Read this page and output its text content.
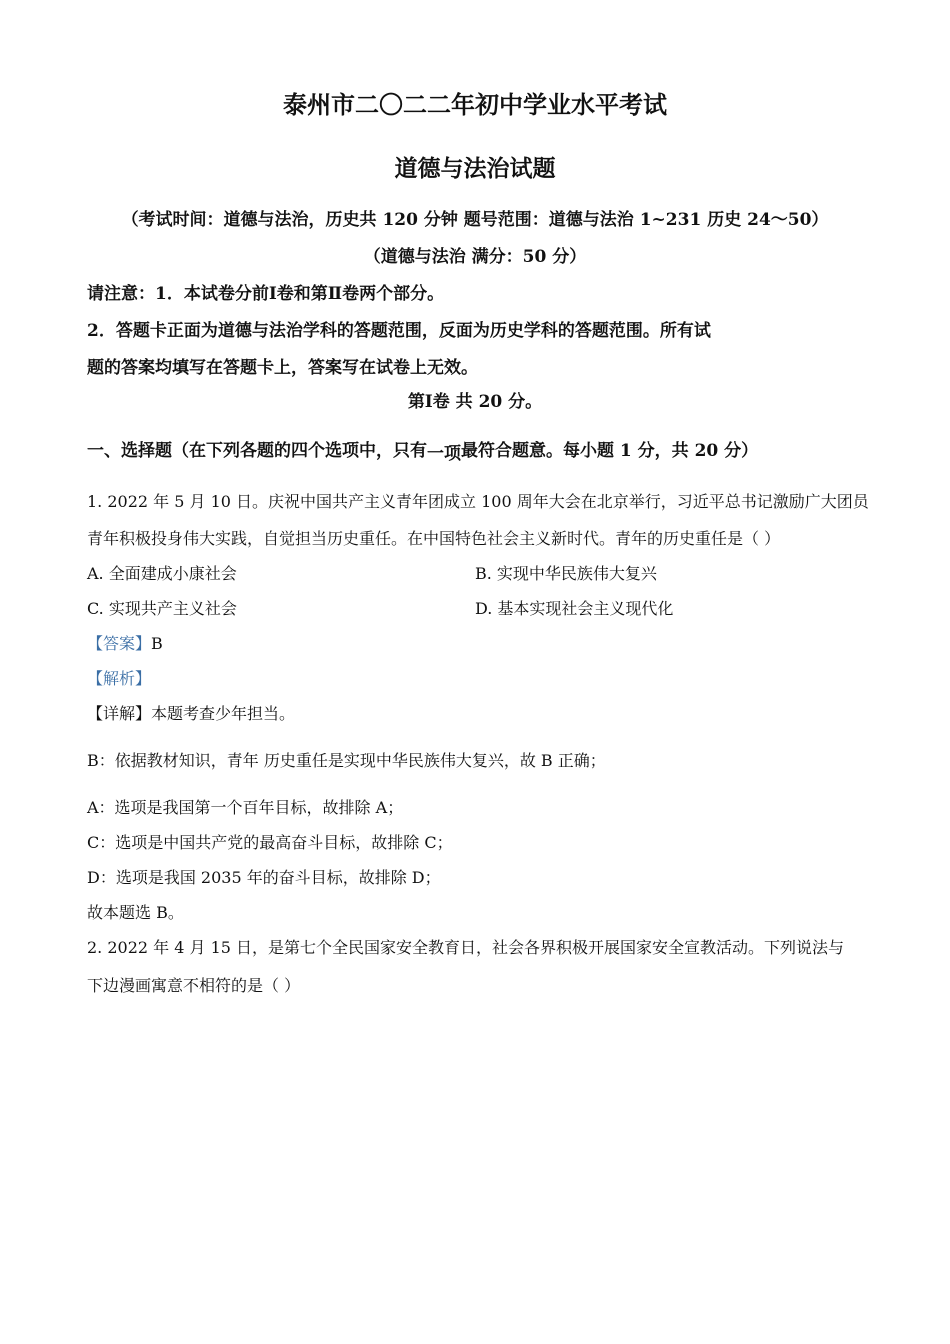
泰州市二〇二二年初中学业水平考试
道德与法治试题
（考试时间：道德与法治，历史共 120 分钟 题号范围：道德与法治 1~231 历史 24～50）
（道德与法治 满分：50 分）
请注意：1．本试卷分前Ⅰ卷和第Ⅱ卷两个部分。
2．答题卡正面为道德与法治学科的答题范围，反面为历史学科的答题范围。所有试
题的答案均填写在答题卡上，答案写在试卷上无效。
第Ⅰ卷 共 20 分。
一、选择题（在下列各题的四个选项中，只有一项最符合题意。每小题 1 分，共 20 分）
1. 2022 年 5 月 10 日。庆祝中国共产主义青年团成立 100 周年大会在北京举行，习近平总书记激励广大团员
青年积极投身伟大实践，自觉担当历史重任。在中国特色社会主义新时代。青年的历史重任是（ ）
A. 全面建成小康社会	B. 实现中华民族伟大复兴
C. 实现共产主义社会	D. 基本实现社会主义现代化
【答案】B
【解析】
【详解】本题考查少年担当。
B：依据教材知识，青年 历史重任是实现中华民族伟大复兴，故 B 正确；
A：选项是我国第一个百年目标，故排除 A；
C：选项是中国共产党的最高奋斗目标，故排除 C；
D：选项是我国 2035 年的奋斗目标，故排除 D；
故本题选 B。
2. 2022 年 4 月 15 日，是第七个全民国家安全教育日，社会各界积极开展国家安全宣教活动。下列说法与
下边漫画寓意不相符的是（ ）
